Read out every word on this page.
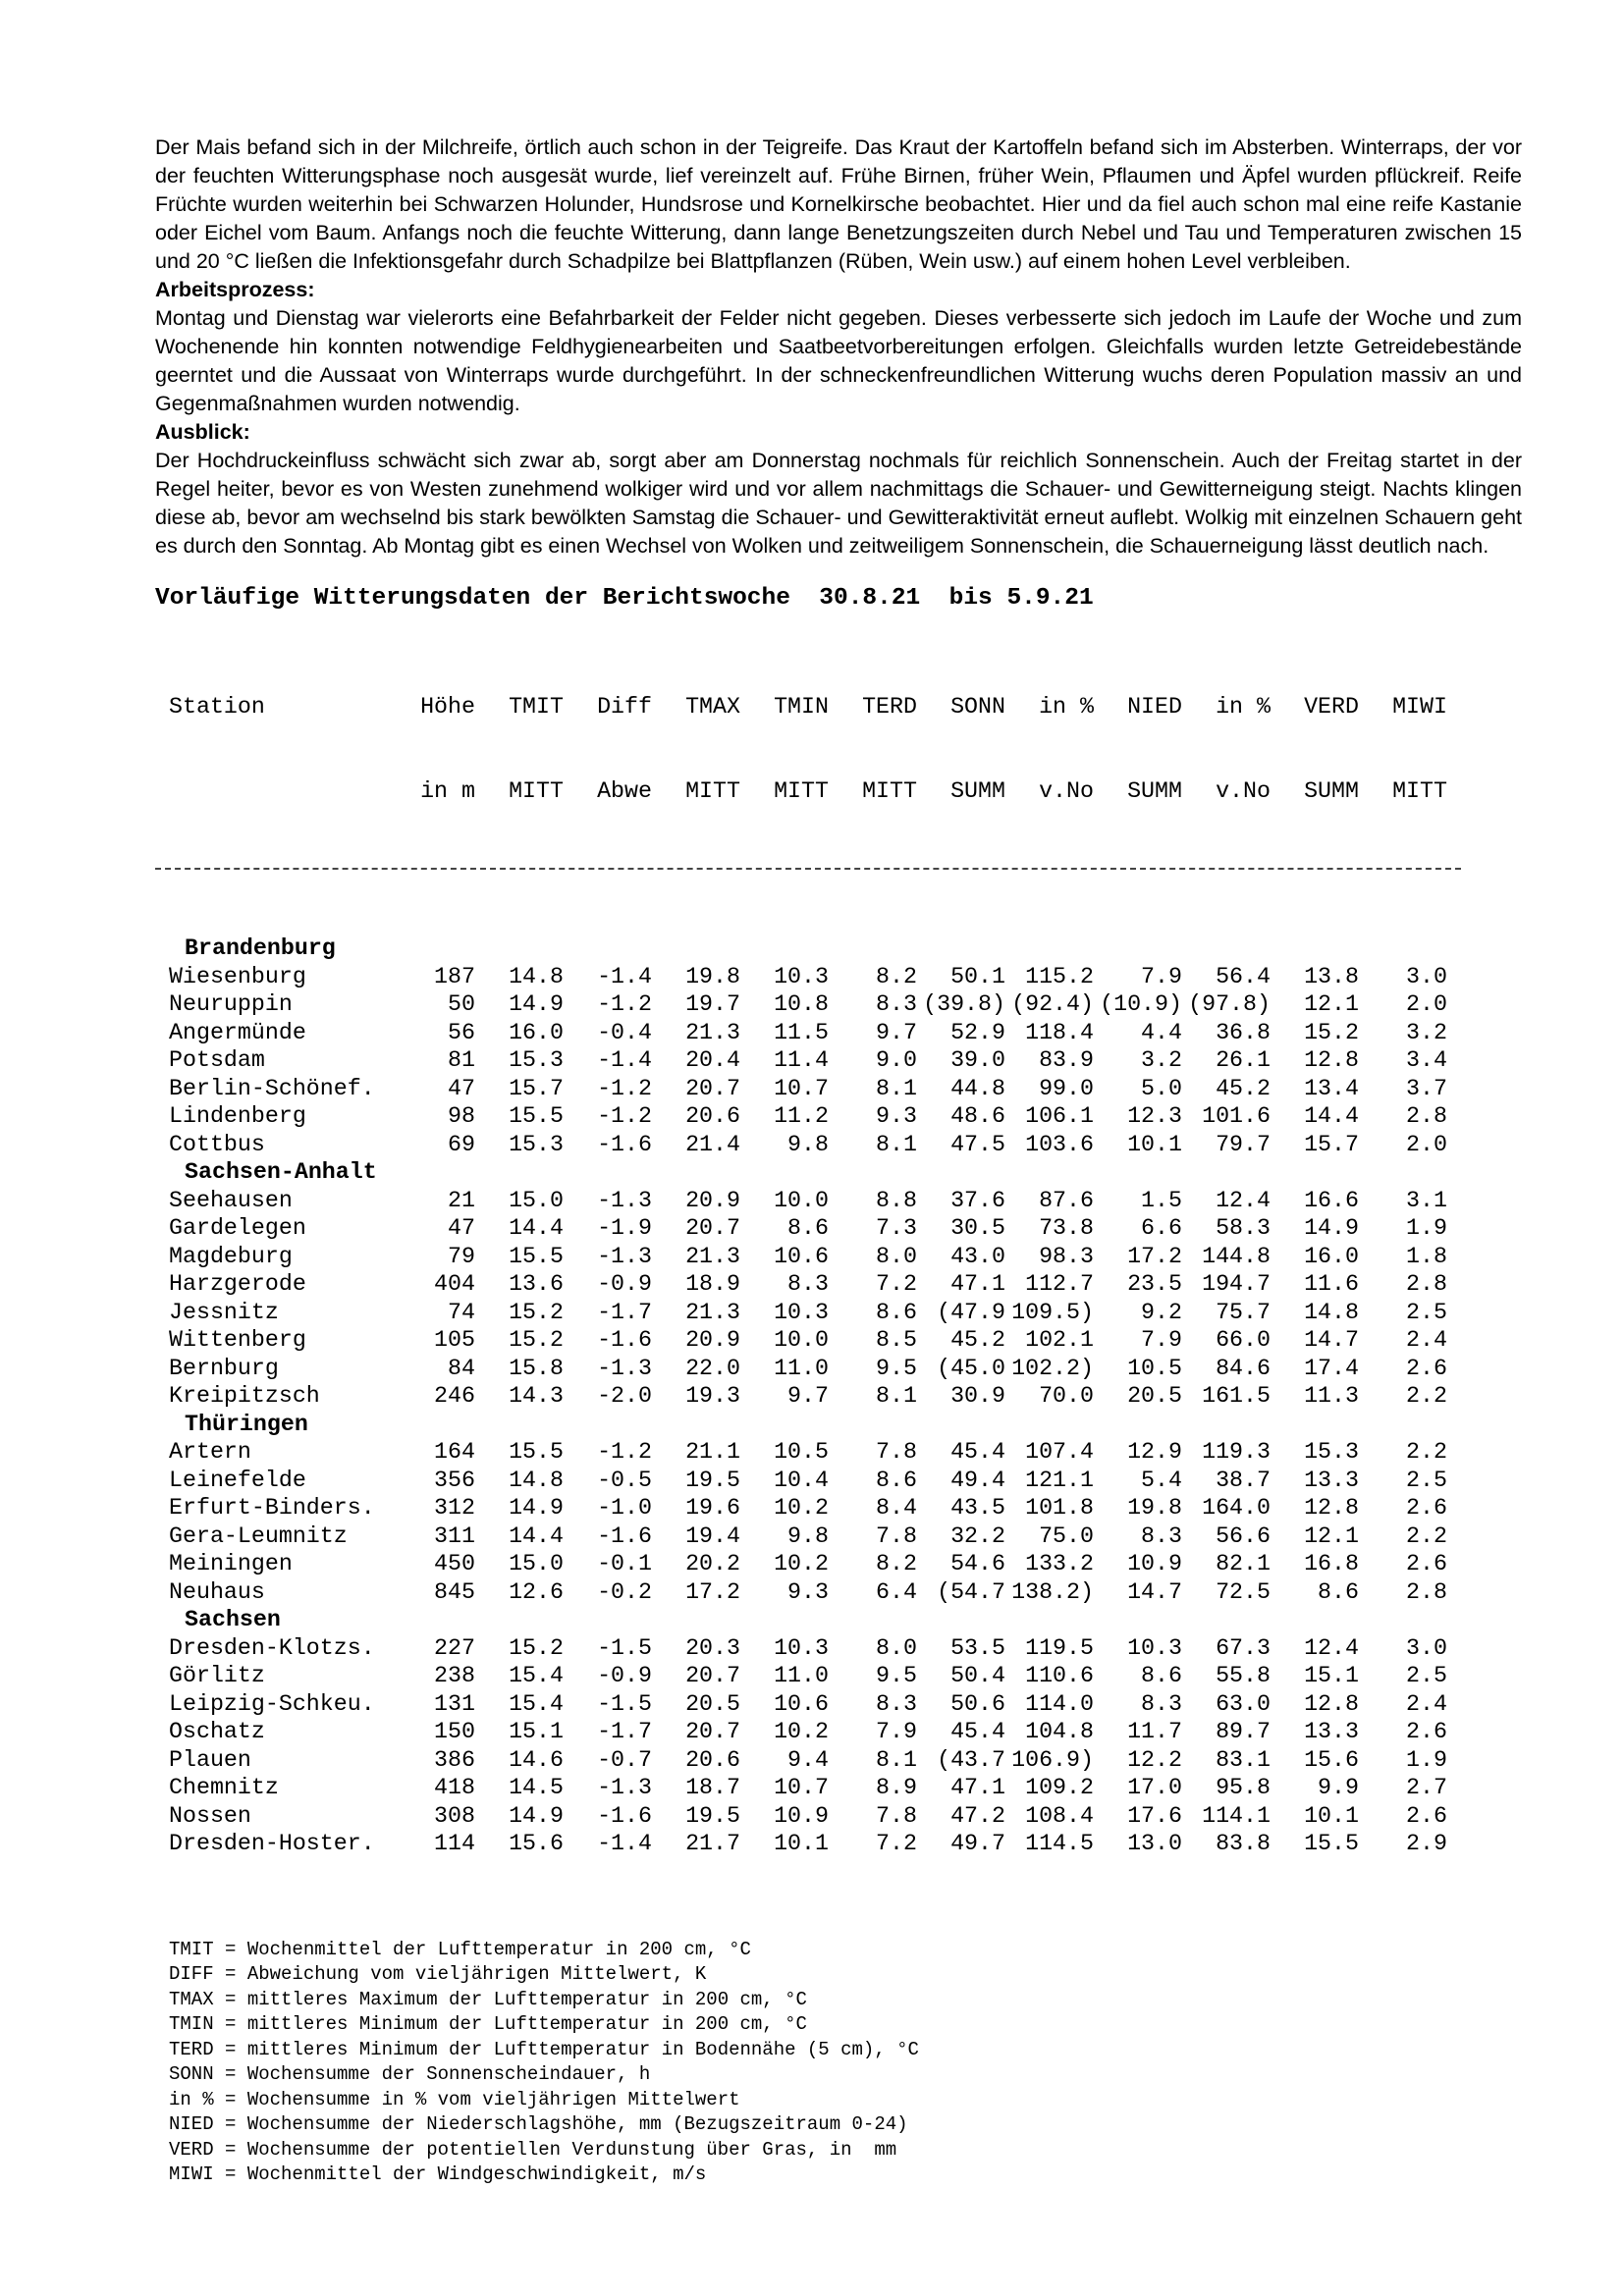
Der Mais befand sich in der Milchreife, örtlich auch schon in der Teigreife. Das Kraut der Kartoffeln befand sich im Absterben. Winterraps, der vor der feuchten Witterungsphase noch ausgesät wurde, lief vereinzelt auf. Frühe Birnen, früher Wein, Pflaumen und Äpfel wurden pflückreif. Reife Früchte wurden weiterhin bei Schwarzen Holunder, Hundsrose und Kornelkirsche beobachtet. Hier und da fiel auch schon mal eine reife Kastanie oder Eichel vom Baum. Anfangs noch die feuchte Witterung, dann lange Benetzungszeiten durch Nebel und Tau und Temperaturen zwischen 15 und 20 °C ließen die Infektionsgefahr durch Schadpilze bei Blattpflanzen (Rüben, Wein usw.) auf einem hohen Level verbleiben.

Arbeitsprozess:

Montag und Dienstag war vielerorts eine Befahrbarkeit der Felder nicht gegeben. Dieses verbesserte sich jedoch im Laufe der Woche und zum Wochenende hin konnten notwendige Feldhygienearbeiten und Saatbeetvorbereitungen erfolgen. Gleichfalls wurden letzte Getreidebestände geerntet und die Aussaat von Winterraps wurde durchgeführt. In der schneckenfreundlichen Witterung wuchs deren Population massiv an und Gegenmaßnahmen wurden notwendig.

Ausblick:

Der Hochdruckeinfluss schwächt sich zwar ab, sorgt aber am Donnerstag nochmals für reichlich Sonnenschein. Auch der Freitag startet in der Regel heiter, bevor es von Westen zunehmend wolkiger wird und vor allem nachmittags die Schauer- und Gewitterneigung steigt. Nachts klingen diese ab, bevor am wechselnd bis stark bewölkten Samstag die Schauer- und Gewitteraktivität erneut auflebt. Wolkig mit einzelnen Schauern geht es durch den Sonntag. Ab Montag gibt es einen Wechsel von Wolken und zeitweiligem Sonnenschein, die Schauerneigung lässt deutlich nach.

Vorläufige Witterungsdaten der Berichtswoche  30.8.21  bis 5.9.21

Station	Höhe	TMIT	Diff	TMAX	TMIN	TERD	SONN	in %	NIED	in %	VERD	MIWI

in m	MITT	Abwe	MITT	MITT	MITT	SUMM	v.No	SUMM	v.No	SUMM	MITT

Brandenburg
Wiesenburg	187	14.8	-1.4	19.8	10.3	8.2	50.1 115.2	7.9	56.4	13.8	3.0
Neuruppin	50	14.9	-1.2	19.7	10.8	8.3 (39.8) (92.4) (10.9) (97.8)	12.1	2.0
Angermünde	56	16.0	-0.4	21.3	11.5	9.7	52.9 118.4	4.4	36.8	15.2	3.2
Potsdam	81	15.3	-1.4	20.4	11.4	9.0	39.0	83.9	3.2	26.1	12.8	3.4
Berlin-Schönef.	47	15.7	-1.2	20.7	10.7	8.1	44.8	99.0	5.0	45.2	13.4	3.7
Lindenberg	98	15.5	-1.2	20.6	11.2	9.3	48.6 106.1	12.3 101.6	14.4	2.8
Cottbus	69	15.3	-1.6	21.4	9.8	8.1	47.5 103.6	10.1	79.7	15.7	2.0
Sachsen-Anhalt
Seehausen	21	15.0	-1.3	20.9	10.0	8.8	37.6	87.6	1.5	12.4	16.6	3.1
Gardelegen	47	14.4	-1.9	20.7	8.6	7.3	30.5	73.8	6.6	58.3	14.9	1.9
Magdeburg	79	15.5	-1.3	21.3	10.6	8.0	43.0	98.3	17.2 144.8	16.0	1.8
Harzgerode	404	13.6	-0.9	18.9	8.3	7.2	47.1 112.7	23.5 194.7	11.6	2.8
Jessnitz	74	15.2	-1.7	21.3	10.3	8.6 (47.9 109.5)	9.2	75.7	14.8	2.5
Wittenberg	105	15.2	-1.6	20.9	10.0	8.5	45.2 102.1	7.9	66.0	14.7	2.4
Bernburg	84	15.8	-1.3	22.0	11.0	9.5 (45.0 102.2)	10.5	84.6	17.4	2.6
Kreipitzsch	246	14.3	-2.0	19.3	9.7	8.1	30.9	70.0	20.5 161.5	11.3	2.2
Thüringen
Artern	164	15.5	-1.2	21.1	10.5	7.8	45.4 107.4	12.9 119.3	15.3	2.2
Leinefelde	356	14.8	-0.5	19.5	10.4	8.6	49.4 121.1	5.4	38.7	13.3	2.5
Erfurt-Binders.	312	14.9	-1.0	19.6	10.2	8.4	43.5 101.8	19.8 164.0	12.8	2.6
Gera-Leumnitz	311	14.4	-1.6	19.4	9.8	7.8	32.2	75.0	8.3	56.6	12.1	2.2
Meiningen	450	15.0	-0.1	20.2	10.2	8.2	54.6 133.2	10.9	82.1	16.8	2.6
Neuhaus	845	12.6	-0.2	17.2	9.3	6.4 (54.7 138.2)	14.7	72.5	8.6	2.8
Sachsen
Dresden-Klotzs.	227	15.2	-1.5	20.3	10.3	8.0	53.5 119.5	10.3	67.3	12.4	3.0
Görlitz	238	15.4	-0.9	20.7	11.0	9.5	50.4 110.6	8.6	55.8	15.1	2.5
Leipzig-Schkeu.	131	15.4	-1.5	20.5	10.6	8.3	50.6 114.0	8.3	63.0	12.8	2.4
Oschatz	150	15.1	-1.7	20.7	10.2	7.9	45.4 104.8	11.7	89.7	13.3	2.6
Plauen	386	14.6	-0.7	20.6	9.4	8.1 (43.7 106.9)	12.2	83.1	15.6	1.9
Chemnitz	418	14.5	-1.3	18.7	10.7	8.9	47.1 109.2	17.0	95.8	9.9	2.7
Nossen	308	14.9	-1.6	19.5	10.9	7.8	47.2 108.4	17.6 114.1	10.1	2.6
Dresden-Hoster.	114	15.6	-1.4	21.7	10.1	7.2	49.7 114.5	13.0	83.8	15.5	2.9

TMIT = Wochenmittel der Lufttemperatur in 200 cm, °C
DIFF = Abweichung vom vieljährigen Mittelwert, K
TMAX = mittleres Maximum der Lufttemperatur in 200 cm, °C
TMIN = mittleres Minimum der Lufttemperatur in 200 cm, °C
TERD = mittleres Minimum der Lufttemperatur in Bodennähe (5 cm), °C
SONN = Wochensumme der Sonnenscheindauer, h
in % = Wochensumme in % vom vieljährigen Mittelwert
NIED = Wochensumme der Niederschlagshöhe, mm (Bezugszeitraum 0-24)
VERD = Wochensumme der potentiellen Verdunstung über Gras, in  mm
MIWI = Wochenmittel der Windgeschwindigkeit, m/s
